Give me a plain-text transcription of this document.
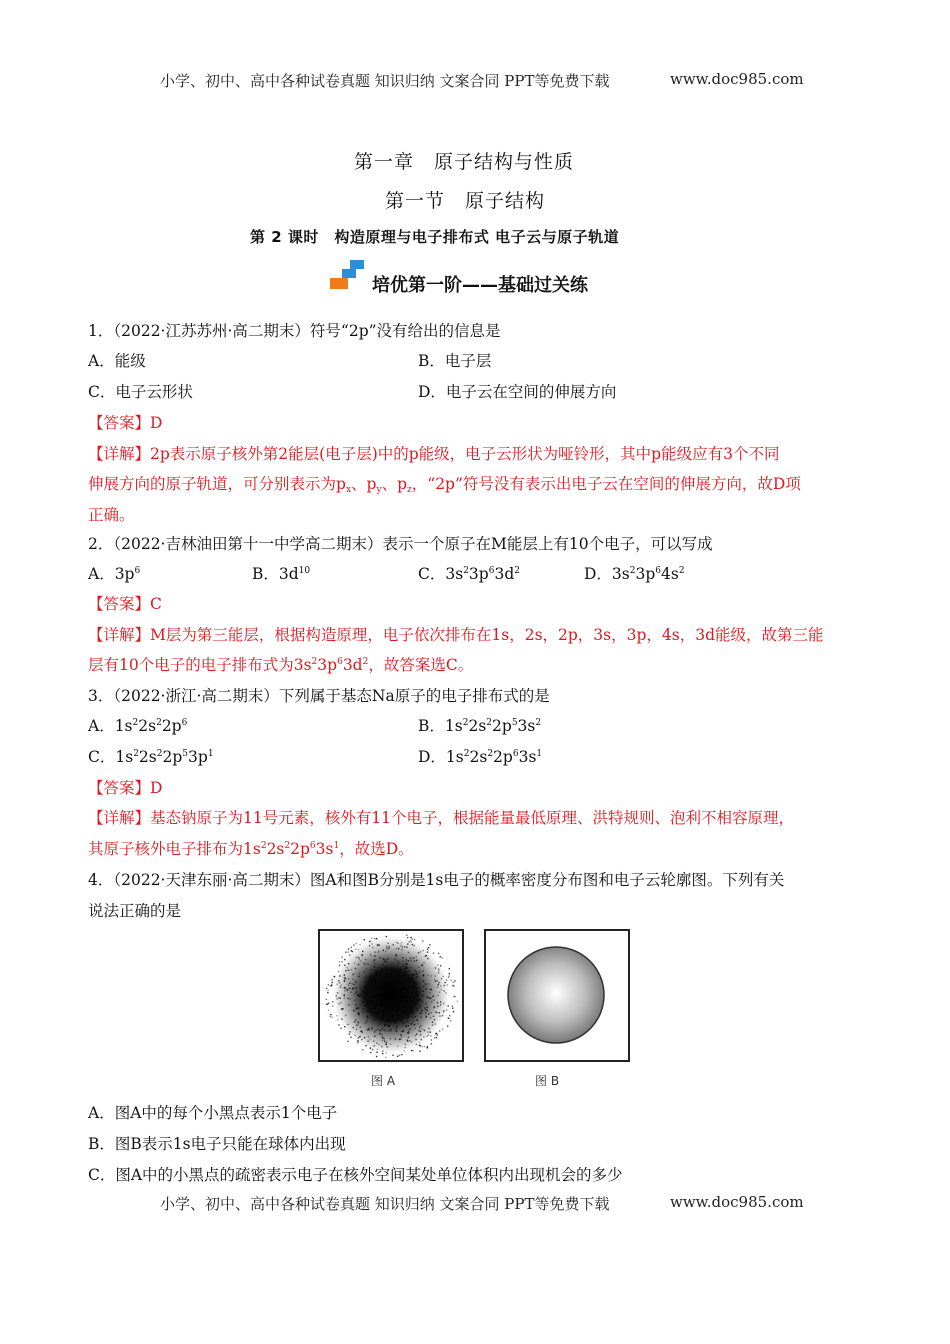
小学、初中、高中各种试卷真题 知识归纳 文案合同 PPT等免费下载	www.doc985.com
第一章　原子结构与性质
第一节　原子结构
第 2 课时　构造原理与电子排布式 电子云与原子轨道
培优第一阶——基础过关练
1．（2022·江苏苏州·高二期末）符号“2p”没有给出的信息是
A．能级	B．电子层
C．电子云形状	D．电子云在空间的伸展方向
【答案】D
【详解】2p表示原子核外第2能层(电子层)中的p能级，电子云形状为哑铃形，其中p能级应有3个不同
伸展方向的原子轨道，可分别表示为$p_x$、$p_y$、$p_z$，“2p”符号没有表示出电子云在空间的伸展方向，故D项
正确。
2．（2022·吉林油田第十一中学高二期末）表示一个原子在M能层上有10个电子，可以写成
A．$3p^6$	B．$3d^{10}$	C．$3s^23p^63d^2$	D．$3s^23p^64s^2$
【答案】C
【详解】M层为第三能层，根据构造原理，电子依次排布在1s，2s，2p，3s，3p，4s，3d能级，故第三能
层有10个电子的电子排布式为$3s^23p^63d^2$，故答案选C。
3．（2022·浙江·高二期末）下列属于基态Na原子的电子排布式的是
A．$1s^22s^22p^6$	B．$1s^22s^22p^53s^2$
C．$1s^22s^22p^53p^1$	D．$1s^22s^22p^63s^1$
【答案】D
【详解】基态钠原子为11号元素，核外有11个电子，根据能量最低原理、洪特规则、泡利不相容原理，
其原子核外电子排布为$1s^22s^22p^63s^1$，故选D。
4．（2022·天津东丽·高二期末）图A和图B分别是1s电子的概率密度分布图和电子云轮廓图。下列有关
说法正确的是
图 A	图 B
A．图A中的每个小黑点表示1个电子
B．图B表示1s电子只能在球体内出现
C．图A中的小黑点的疏密表示电子在核外空间某处单位体积内出现机会的多少
小学、初中、高中各种试卷真题 知识归纳 文案合同 PPT等免费下载	www.doc985.com
